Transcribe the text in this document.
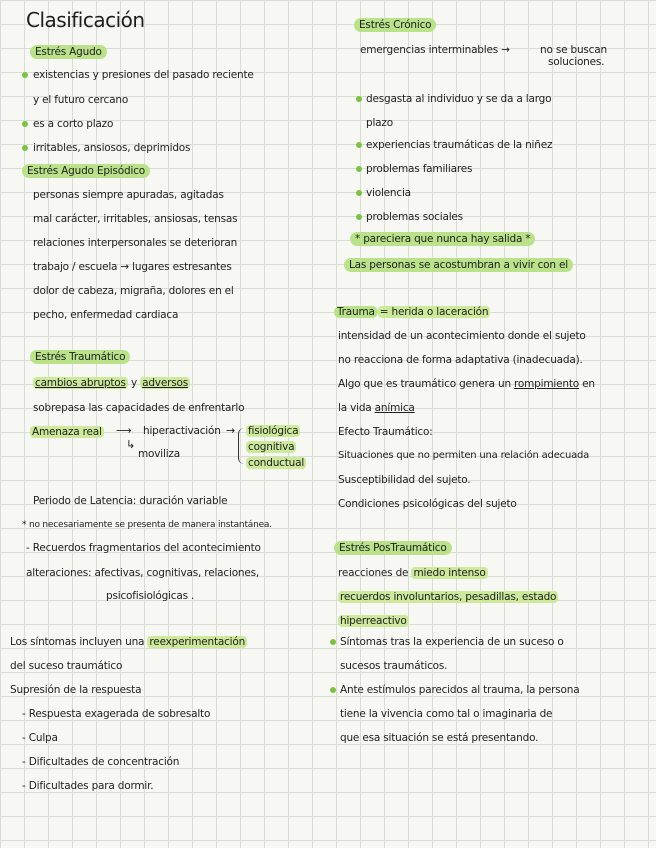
Clasificación
Estrés Agudo
existencias y presiones del pasado reciente
y el futuro cercano
es a corto plazo
irritables, ansiosos, deprimidos
Estrés Agudo Episódico
personas siempre apuradas, agitadas
mal carácter, irritables, ansiosas, tensas
relaciones interpersonales se deterioran
trabajo / escuela → lugares estresantes
dolor de cabeza, migraña, dolores en el
pecho, enfermedad cardiaca
Estrés Traumático
cambios abruptos y adversos
sobrepasa las capacidades de enfrentarlo
Amenaza real ⟶ hiperactivación → fisiológica
cognitiva
conductual
↳
moviliza
Periodo de Latencia: duración variable
* no necesariamente se presenta de manera instantánea.
- Recuerdos fragmentarios del acontecimiento
alteraciones: afectivas, cognitivas, relaciones,
psicofisiológicas .
Los síntomas incluyen una reexperimentación
del suceso traumático
Supresión de la respuesta
- Respuesta exagerada de sobresalto
- Culpa
- Dificultades de concentración
- Dificultades para dormir.
Estrés Crónico
emergencias interminables →	no se buscan
soluciones.
desgasta al individuo y se da a largo
plazo
experiencias traumáticas de la niñez
problemas familiares
violencia
problemas sociales
* pareciera que nunca hay salida *
Las personas se acostumbran a vivir con el
Trauma = herida o laceración
intensidad de un acontecimiento donde el sujeto
no reacciona de forma adaptativa (inadecuada).
Algo que es traumático genera un rompimiento en
la vida anímica
Efecto Traumático:
Situaciones que no permiten una relación adecuada
Susceptibilidad del sujeto.
Condiciones psicológicas del sujeto
Estrés PosTraumático
reacciones de miedo intenso
recuerdos involuntarios, pesadillas, estado
hiperreactivo
Síntomas tras la experiencia de un suceso o
sucesos traumáticos.
Ante estímulos parecidos al trauma, la persona
tiene la vivencia como tal o imaginaria de
que esa situación se está presentando.
